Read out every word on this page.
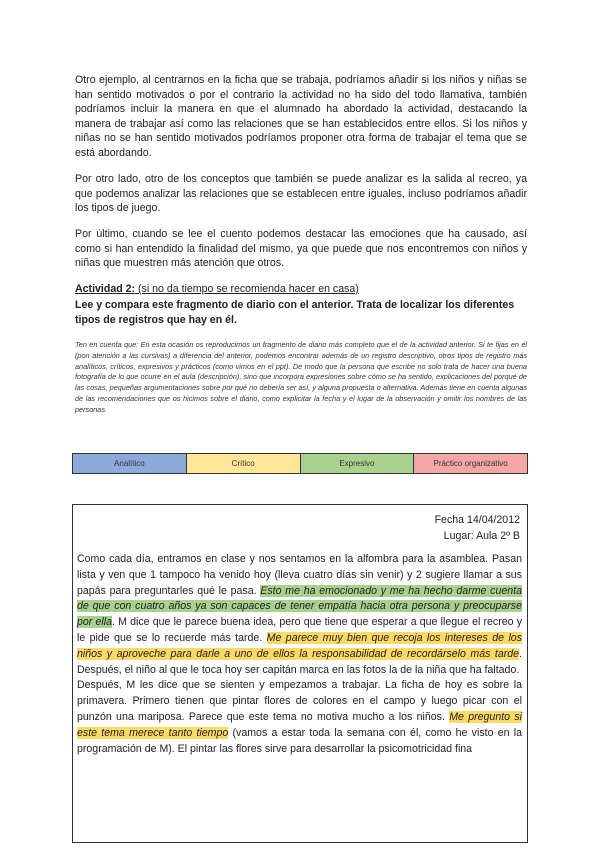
Otro ejemplo, al centrarnos en la ficha que se trabaja, podríamos añadir si los niños y niñas se han sentido motivados o por el contrario la actividad no ha sido del todo llamativa, también podríamos incluir la manera en que el alumnado ha abordado la actividad, destacando la manera de trabajar así como las relaciones que se han establecidos entre ellos. Si los niños y niñas no se han sentido motivados podríamos proponer otra forma de trabajar el tema que se está abordando.

Por otro lado, otro de los conceptos que también se puede analizar es la salida al recreo, ya que podemos analizar las relaciones que se establecen entre iguales, incluso podríamos añadir los tipos de juego.

Por último, cuando se lee el cuento podemos destacar las emociones que ha causado, así como si han entendido la finalidad del mismo, ya que puede que nos encontremos con niños y niñas que muestren más atención que otros.

Actividad 2: (si no da tiempo se recomienda hacer en casa)

Lee y compara este fragmento de diario con el anterior. Trata de localizar los diferentes tipos de registros que hay en él.

Ten en cuenta que: En esta ocasión os reproducimos un fragmento de diario más completo que el de la actividad anterior. Si te fijas en él (pon atención a las cursivas) a diferencia del anterior, podemos encontrar además de un registro descriptivo, otros tipos de registro más analíticos, críticos, expresivos y prácticos (como vimos en el ppt). De modo que la persona que escribe no solo trata de hacer una buena fotografía de lo que ocurre en el aula (descripción), sino que incorpora expresiones sobre cómo se ha sentido, explicaciones del porqué de las cosas, pequeñas argumentaciones sobre por qué no debería ser así, y alguna propuesta o alternativa. Además tiene en cuenta algunas de las recomendaciones que os hicimos sobre el diario, como explicitar la fecha y el lugar de la observación y omitir los nombres de las personas.

Analítico	Crítico	Expresivo	Práctico organizativo
Fecha 14/04/2012
Lugar: Aula 2º B

Como cada día, entramos en clase y nos sentamos en la alfombra para la asamblea. Pasan lista y ven que 1 tampoco ha venido hoy (lleva cuatro días sin venir) y 2 sugiere llamar a sus papás para preguntarles qué le pasa. Esto me ha emocionado y me ha hecho darme cuenta de que con cuatro años ya son capaces de tener empatía hacia otra persona y preocuparse por ella. M dice que le parece buena idea, pero que tiene que esperar a que llegue el recreo y le pide que se lo recuerde más tarde. Me parece muy bien que recoja los intereses de los niños y aproveche para darle a uno de ellos la responsabilidad de recordárselo más tarde. Después, el niño al que le toca hoy ser capitán marca en las fotos la de la niña que ha faltado.
Después, M les dice que se sienten y empezamos a trabajar. La ficha de hoy es sobre la primavera. Primero tienen que pintar flores de colores en el campo y luego picar con el punzón una mariposa. Parece que este tema no motiva mucho a los niños. Me pregunto si este tema merece tanto tiempo (vamos a estar toda la semana con él, como he visto en la programación de M). El pintar las flores sirve para desarrollar la psicomotricidad fina
